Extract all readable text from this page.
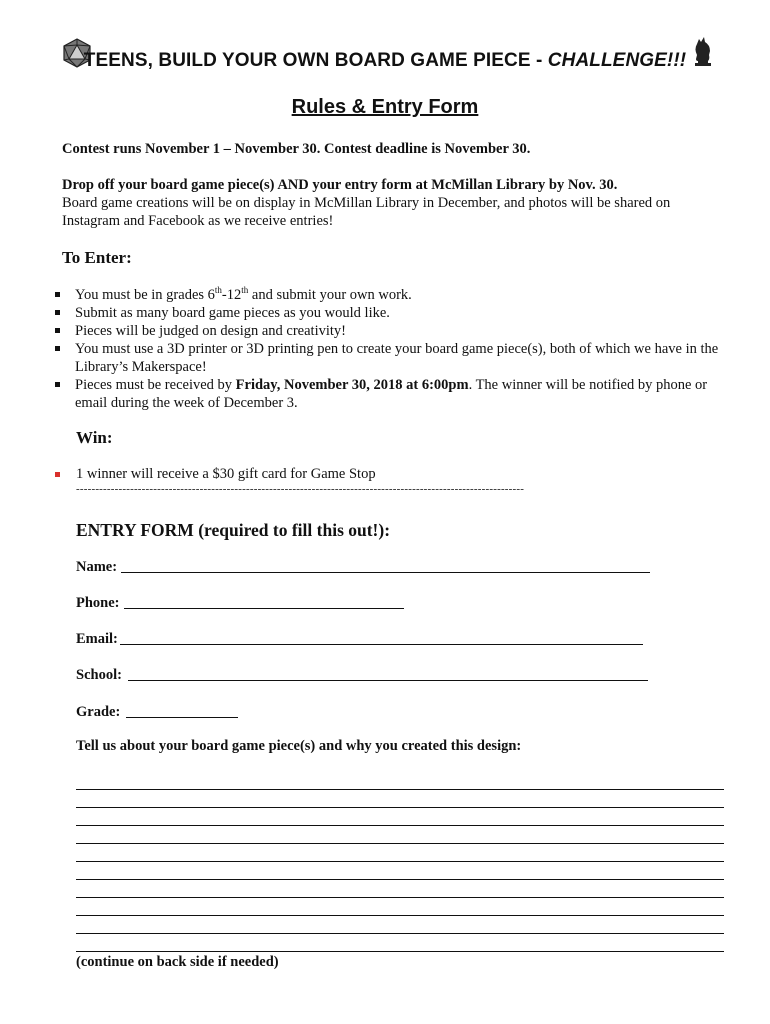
TEENS, BUILD YOUR OWN BOARD GAME PIECE - CHALLENGE!!!
Rules & Entry Form
Contest runs November 1 – November 30. Contest deadline is November 30.
Drop off your board game piece(s) AND your entry form at McMillan Library by Nov. 30.
Board game creations will be on display in McMillan Library in December, and photos will be shared on Instagram and Facebook as we receive entries!
To Enter:
You must be in grades 6th-12th and submit your own work.
Submit as many board game pieces as you would like.
Pieces will be judged on design and creativity!
You must use a 3D printer or 3D printing pen to create your board game piece(s), both of which we have in the Library’s Makerspace!
Pieces must be received by Friday, November 30, 2018 at 6:00pm. The winner will be notified by phone or email during the week of December 3.
Win:
1 winner will receive a $30 gift card for Game Stop
--------------------------------------------------------------------------------------------------------------------
ENTRY FORM (required to fill this out!):
Name:
Phone:
Email:
School:
Grade:
Tell us about your board game piece(s) and why you created this design:
(continue on back side if needed)
